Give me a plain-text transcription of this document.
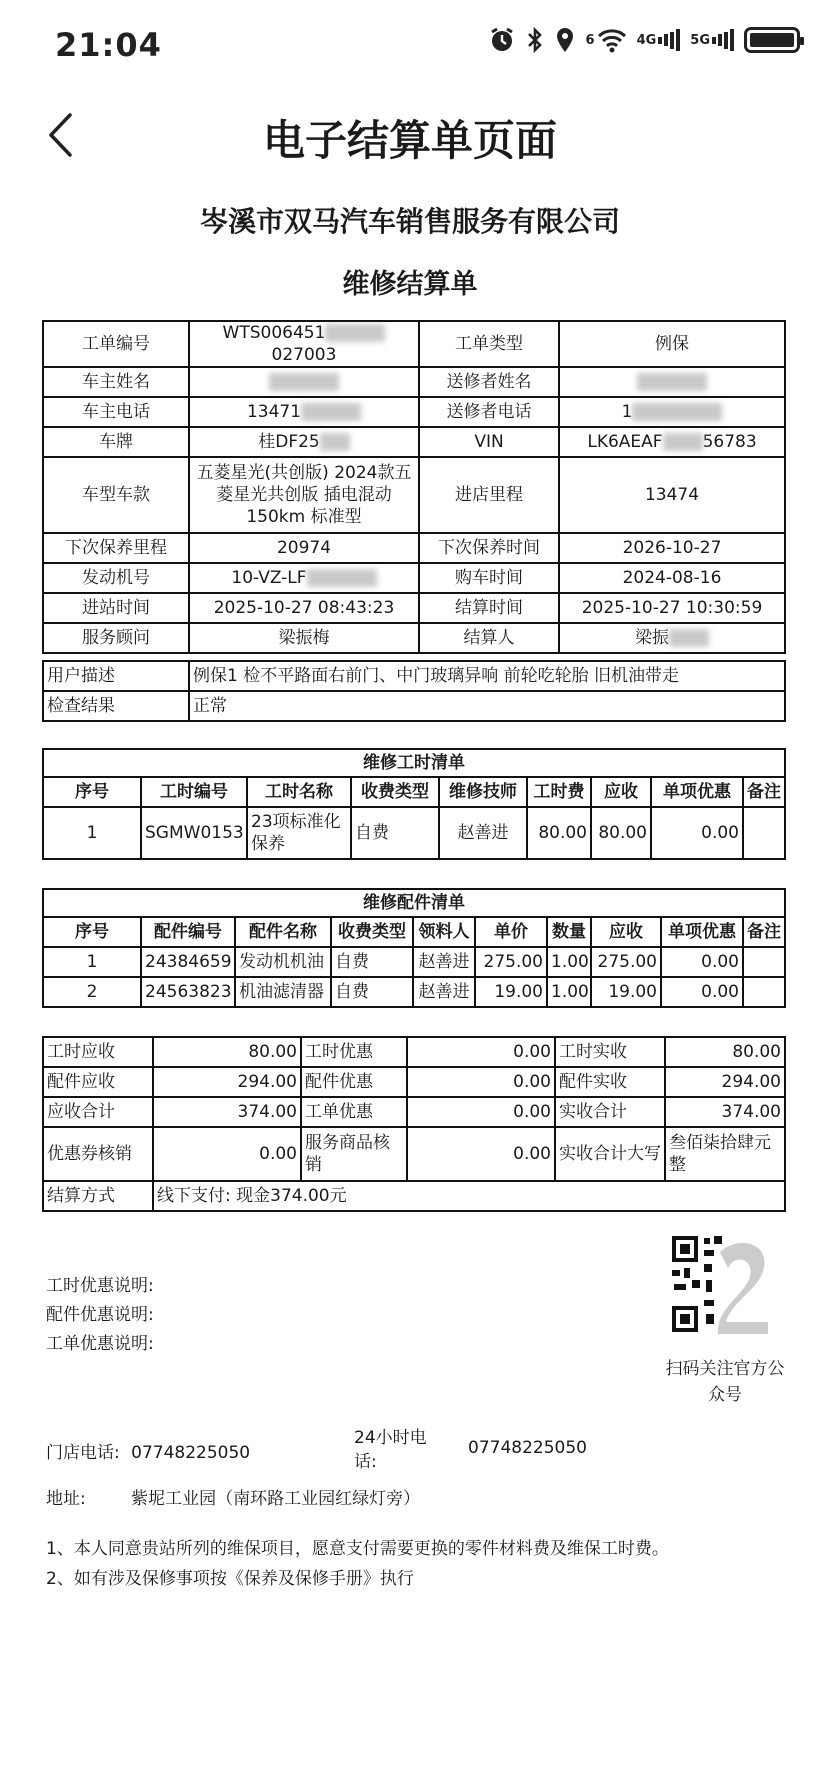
21:04	6	4G	5G
电子结算单页面
岑溪市双马汽车销售服务有限公司
维修结算单
工单编号	WTS006451027003	工单类型	例保
车主姓名		送修者姓名	
车主电话	13471	送修者电话	1
车牌	桂DF25	VIN	LK6AEAF 56783
车型车款	五菱星光(共创版) 2024款五菱星光共创版 插电混动 150km 标准型	进店里程	13474
下次保养里程	20974	下次保养时间	2026-10-27
发动机号	10-VZ-LF	购车时间	2024-08-16
进站时间	2025-10-27 08:43:23	结算时间	2025-10-27 10:30:59
服务顾问	梁振梅	结算人	梁振
用户描述	例保1 检不平路面右前门、中门玻璃异响 前轮吃轮胎 旧机油带走
检查结果	正常
维修工时清单								
序号	工时编号	工时名称	收费类型	维修技师	工时费	应收	单项优惠	备注
1	SGMW0153	23项标准化保养	自费	赵善进	80.00	80.00	0.00	
维修配件清单									
序号	配件编号	配件名称	收费类型	领料人	单价	数量	应收	单项优惠	备注
1	24384659	发动机机油	自费	赵善进	275.00	1.00	275.00	0.00	
2	24563823	机油滤清器	自费	赵善进	19.00	1.00	19.00	0.00	
工时应收	80.00	工时优惠	0.00	工时实收	80.00
配件应收	294.00	配件优惠	0.00	配件实收	294.00
应收合计	374.00	工单优惠	0.00	实收合计	374.00
优惠券核销	0.00	服务商品核销	0.00	实收合计大写	叁佰柒拾肆元整
结算方式	线下支付: 现金374.00元				
工时优惠说明:
配件优惠说明:
工单优惠说明:
扫码关注官方公众号
门店电话: 07748225050
24小时电话:
07748225050
地址:	紫坭工业园（南环路工业园红绿灯旁）
1、本人同意贵站所列的维保项目，愿意支付需要更换的零件材料费及维保工时费。
2、如有涉及保修事项按《保养及保修手册》执行
